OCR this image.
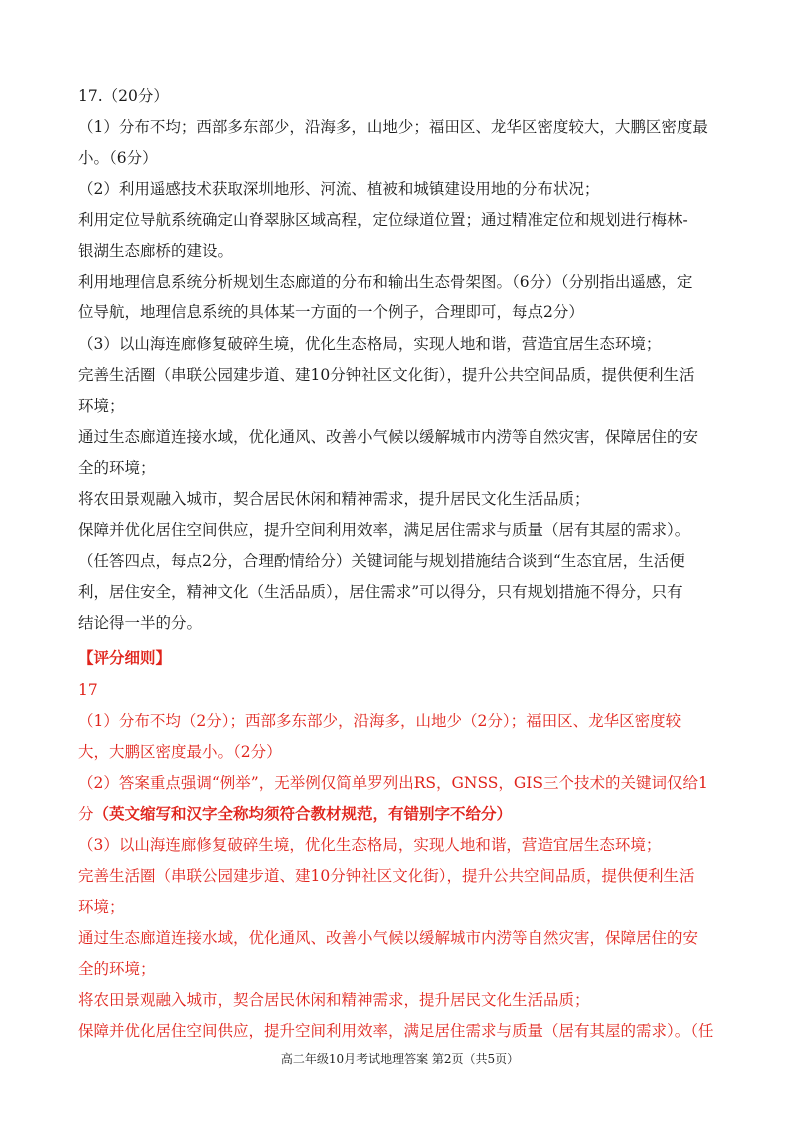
17.（20分）
（1）分布不均；西部多东部少，沿海多，山地少；福田区、龙华区密度较大，大鹏区密度最
小。（6分）
（2）利用遥感技术获取深圳地形、河流、植被和城镇建设用地的分布状况；
利用定位导航系统确定山脊翠脉区域高程，定位绿道位置；通过精准定位和规划进行梅林-
银湖生态廊桥的建设。
利用地理信息系统分析规划生态廊道的分布和输出生态骨架图。（6分）（分别指出遥感，定
位导航，地理信息系统的具体某一方面的一个例子，合理即可，每点2分）
（3）以山海连廊修复破碎生境，优化生态格局，实现人地和谐，营造宜居生态环境；
完善生活圈（串联公园建步道、建10分钟社区文化街），提升公共空间品质，提供便利生活
环境；
通过生态廊道连接水域，优化通风、改善小气候以缓解城市内涝等自然灾害，保障居住的安
全的环境；
将农田景观融入城市，契合居民休闲和精神需求，提升居民文化生活品质；
保障并优化居住空间供应，提升空间利用效率，满足居住需求与质量（居有其屋的需求）。
（任答四点，每点2分，合理酌情给分）关键词能与规划措施结合谈到“生态宜居，生活便
利，居住安全，精神文化（生活品质），居住需求”可以得分，只有规划措施不得分，只有
结论得一半的分。
【评分细则】
17
（1）分布不均（2分）；西部多东部少，沿海多，山地少（2分）；福田区、龙华区密度较
大，大鹏区密度最小。（2分）
（2）答案重点强调“例举”，无举例仅简单罗列出RS，GNSS，GIS三个技术的关键词仅给1
分（英文缩写和汉字全称均须符合教材规范，有错别字不给分）
（3）以山海连廊修复破碎生境，优化生态格局，实现人地和谐，营造宜居生态环境；
完善生活圈（串联公园建步道、建10分钟社区文化街），提升公共空间品质，提供便利生活
环境；
通过生态廊道连接水域，优化通风、改善小气候以缓解城市内涝等自然灾害，保障居住的安
全的环境；
将农田景观融入城市，契合居民休闲和精神需求，提升居民文化生活品质；
保障并优化居住空间供应，提升空间利用效率，满足居住需求与质量（居有其屋的需求）。（任
高二年级10月考试地理答案 第2页（共5页）
